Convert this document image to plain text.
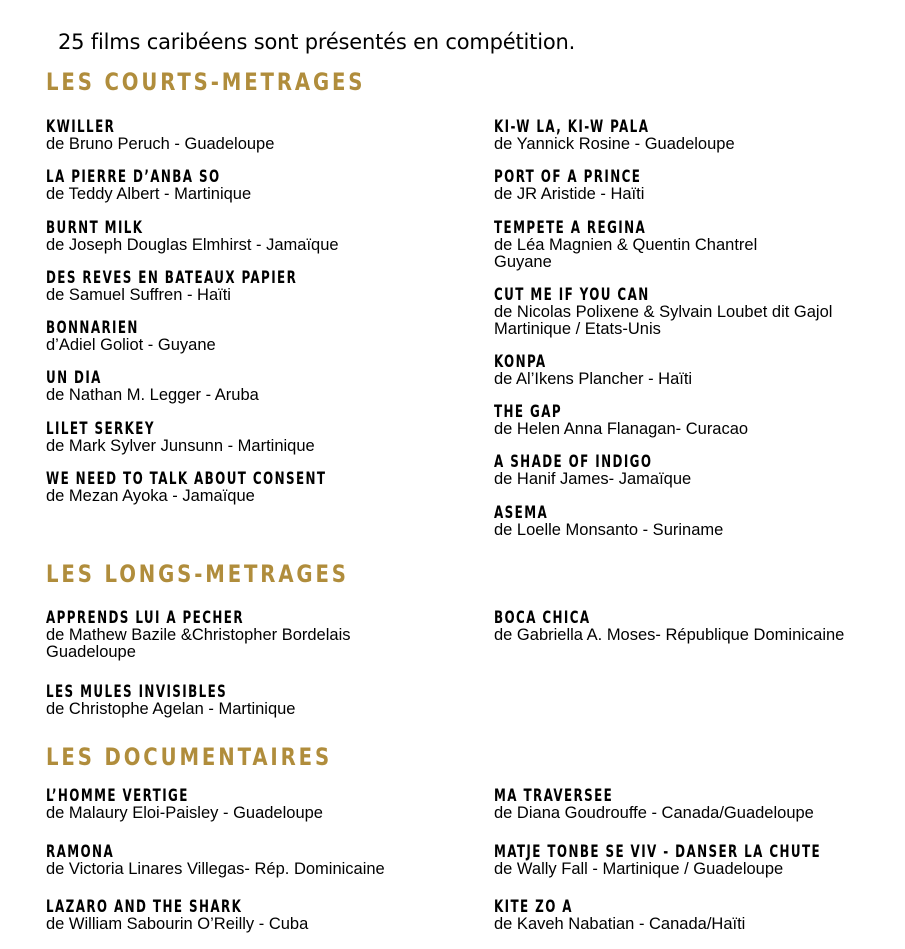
25 films caribéens sont présentés en compétition.
LES COURTS-METRAGES
LES LONGS-METRAGES
LES DOCUMENTAIRES
KWILLER
de Bruno Peruch - Guadeloupe
LA PIERRE D’ANBA SO
de Teddy Albert - Martinique
BURNT MILK
de Joseph Douglas Elmhirst - Jamaïque
DES REVES EN BATEAUX PAPIER
de Samuel Suffren - Haïti
BONNARIEN
d’Adiel Goliot - Guyane
UN DIA
de Nathan M. Legger - Aruba
LILET SERKEY
de Mark Sylver Junsunn - Martinique
WE NEED TO TALK ABOUT CONSENT
de Mezan Ayoka - Jamaïque
KI-W LA, KI-W PALA
de Yannick Rosine - Guadeloupe
PORT OF A PRINCE
de JR Aristide - Haïti
TEMPETE A REGINA
de Léa Magnien & Quentin Chantrel
Guyane
CUT ME IF YOU CAN
de Nicolas Polixene & Sylvain Loubet dit Gajol
Martinique / Etats-Unis
KONPA
de Al’Ikens Plancher - Haïti
THE GAP
de Helen Anna Flanagan- Curacao
A SHADE OF INDIGO
de Hanif James- Jamaïque
ASEMA
de Loelle Monsanto - Suriname
APPRENDS LUI A PECHER
de Mathew Bazile &Christopher Bordelais
Guadeloupe
LES MULES INVISIBLES
de Christophe Agelan - Martinique
BOCA CHICA
de Gabriella A. Moses- République Dominicaine
L’HOMME VERTIGE
de Malaury Eloi-Paisley - Guadeloupe
RAMONA
de Victoria Linares Villegas- Rép. Dominicaine
LAZARO AND THE SHARK
de William Sabourin O’Reilly - Cuba
MA TRAVERSEE
de Diana Goudrouffe - Canada/Guadeloupe
MATJE TONBE SE VIV - DANSER LA CHUTE
de Wally Fall - Martinique / Guadeloupe
KITE ZO A
de Kaveh Nabatian - Canada/Haïti
